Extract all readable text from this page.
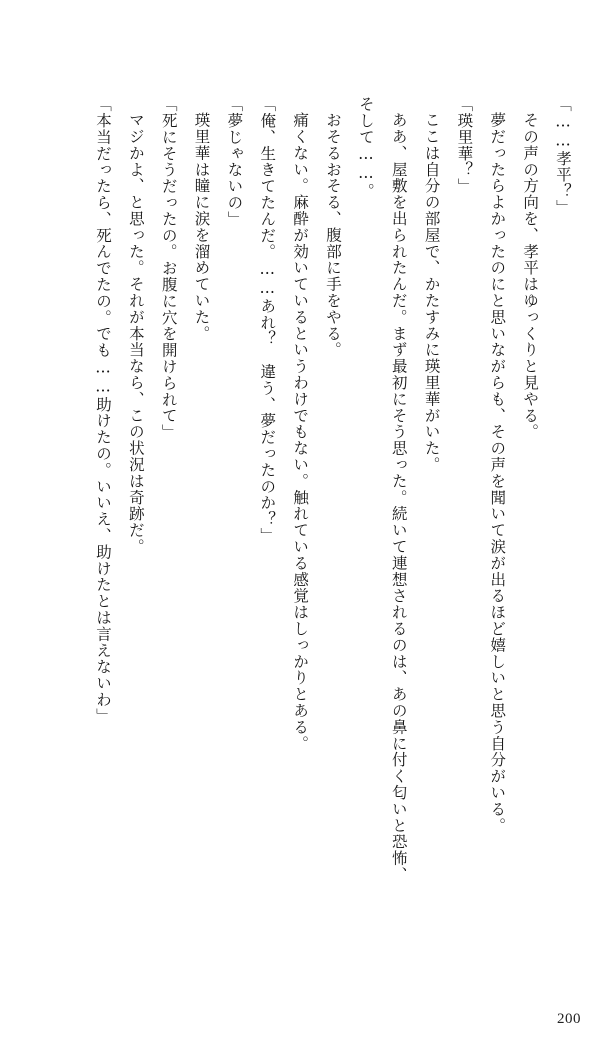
「……孝平？」

その声の方向を、孝平はゆっくりと見やる。

夢だったらよかったのにと思いながらも、その声を聞いて涙が出るほど嬉しいと思う自分がいる。

「瑛里華？」

ここは自分の部屋で、かたすみに瑛里華がいた。

ああ、屋敷を出られたんだ。まず最初にそう思った。続いて連想されるのは、あの鼻に付く匂いと恐怖、そして……。

おそるおそる、腹部に手をやる。

痛くない。麻酔が効いているというわけでもない。触れている感覚はしっかりとある。

「俺、生きてたんだ。……あれ？　違う、夢だったのか？」

「夢じゃないの」

瑛里華は瞳に涙を溜めていた。

「死にそうだったの。お腹に穴を開けられて」

マジかよ、と思った。それが本当なら、この状況は奇跡だ。

「本当だったら、死んでたの。でも……助けたの。いいえ、助けたとは言えないわ」

200
